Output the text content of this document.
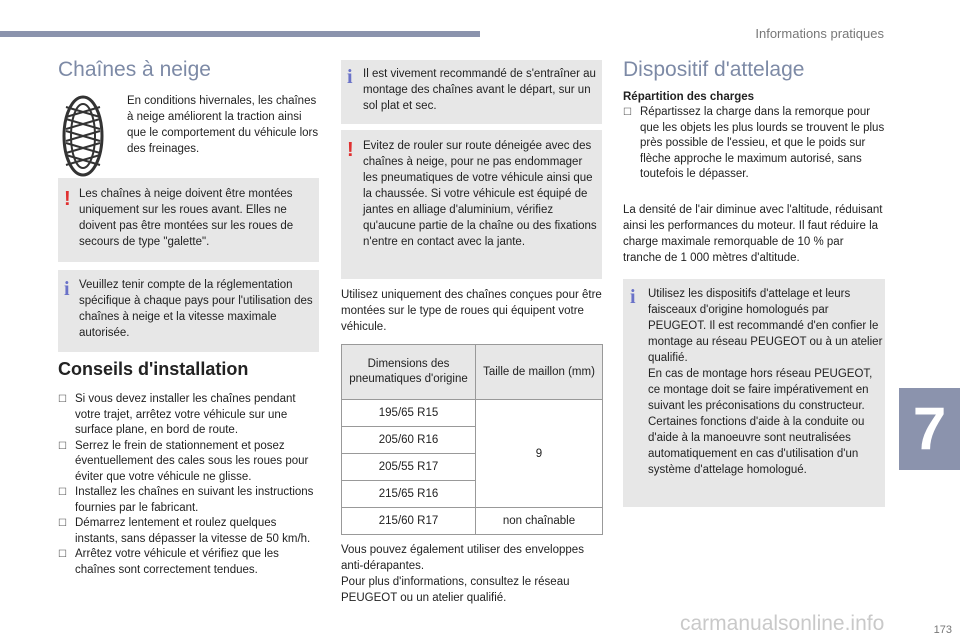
Informations pratiques
Chaînes à neige
En conditions hivernales, les chaînes à neige améliorent la traction ainsi que le comportement du véhicule lors des freinages.
! Les chaînes à neige doivent être montées uniquement sur les roues avant. Elles ne doivent pas être montées sur les roues de secours de type "galette".
i Veuillez tenir compte de la réglementation spécifique à chaque pays pour l'utilisation des chaînes à neige et la vitesse maximale autorisée.
Conseils d'installation
☐ Si vous devez installer les chaînes pendant votre trajet, arrêtez votre véhicule sur une surface plane, en bord de route.
☐ Serrez le frein de stationnement et posez éventuellement des cales sous les roues pour éviter que votre véhicule ne glisse.
☐ Installez les chaînes en suivant les instructions fournies par le fabricant.
☐ Démarrez lentement et roulez quelques instants, sans dépasser la vitesse de 50 km/h.
☐ Arrêtez votre véhicule et vérifiez que les chaînes sont correctement tendues.
i Il est vivement recommandé de s'entraîner au montage des chaînes avant le départ, sur un sol plat et sec.
! Evitez de rouler sur route déneigée avec des chaînes à neige, pour ne pas endommager les pneumatiques de votre véhicule ainsi que la chaussée. Si votre véhicule est équipé de jantes en alliage d'aluminium, vérifiez qu'aucune partie de la chaîne ou des fixations n'entre en contact avec la jante.
Utilisez uniquement des chaînes conçues pour être montées sur le type de roues qui équipent votre véhicule.
Dimensions des pneumatiques d'origine	Taille de maillon (mm)
195/65 R15	9
205/60 R16	
205/55 R17	
215/65 R16	
215/60 R17	non chaînable
Vous pouvez également utiliser des enveloppes anti-dérapantes.
Pour plus d'informations, consultez le réseau PEUGEOT ou un atelier qualifié.
Dispositif d'attelage
Répartition des charges
☐ Répartissez la charge dans la remorque pour que les objets les plus lourds se trouvent le plus près possible de l'essieu, et que le poids sur flèche approche le maximum autorisé, sans toutefois le dépasser.
La densité de l'air diminue avec l'altitude, réduisant ainsi les performances du moteur. Il faut réduire la charge maximale remorquable de 10 % par tranche de 1 000 mètres d'altitude.
i Utilisez les dispositifs d'attelage et leurs faisceaux d'origine homologués par PEUGEOT. Il est recommandé d'en confier le montage au réseau PEUGEOT ou à un atelier qualifié.
En cas de montage hors réseau PEUGEOT, ce montage doit se faire impérativement en suivant les préconisations du constructeur.
Certaines fonctions d'aide à la conduite ou d'aide à la manoeuvre sont neutralisées automatiquement en cas d'utilisation d'un système d'attelage homologué.
7
173
carmanualsonline.info
